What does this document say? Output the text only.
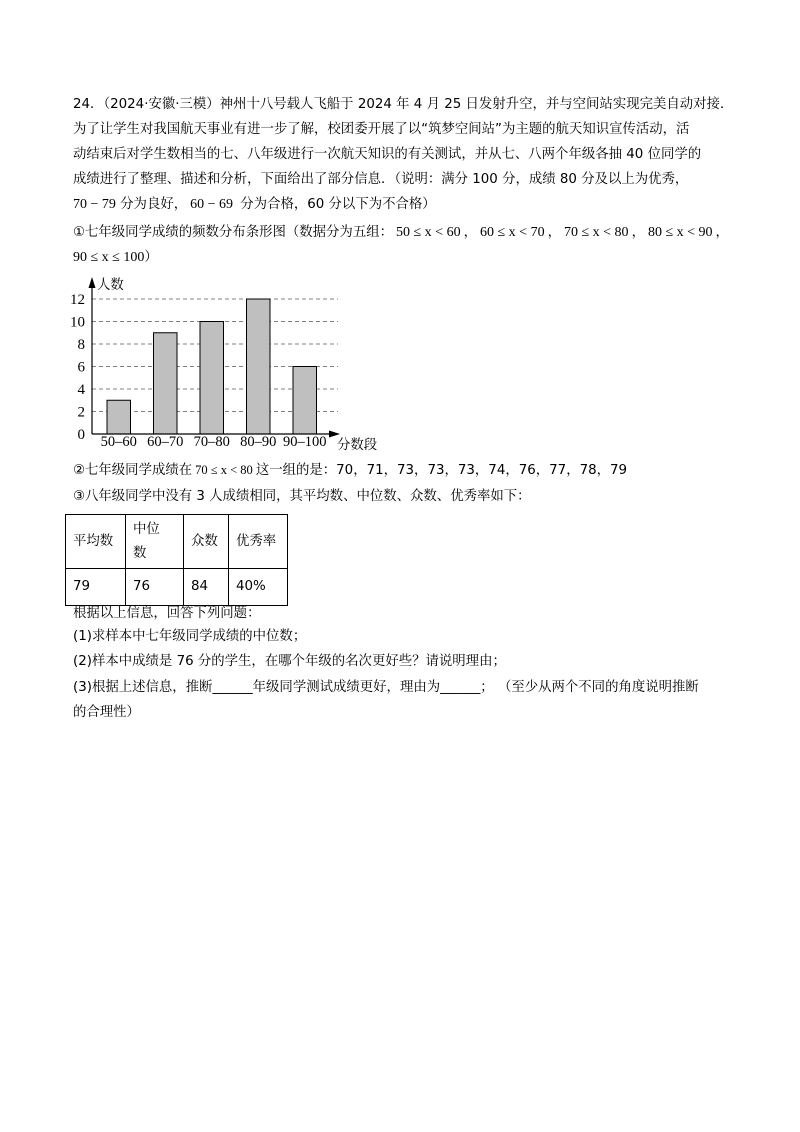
24．（2024·安徽·三模）神州十八号载人飞船于 2024 年 4 月 25 日发射升空，并与空间站实现完美自动对接．
为了让学生对我国航天事业有进一步了解，校团委开展了以“筑梦空间站”为主题的航天知识宣传活动，活
动结束后对学生数相当的七、八年级进行一次航天知识的有关测试，并从七、八两个年级各抽 40 位同学的
成绩进行了整理、描述和分析，下面给出了部分信息．（说明：满分 100 分，成绩 80 分及以上为优秀，
70 − 79 分为良好， 60 − 69 分为合格，60 分以下为不合格）
①七年级同学成绩的频数分布条形图（数据分为五组： 50 ≤ x < 60 ， 60 ≤ x < 70 ， 70 ≤ x < 80 ， 80 ≤ x < 90 ，
90 ≤ x ≤ 100）
0
2
4
6
8
10
12
50–60 60–70 70–80 80–90 90–100
人数
分数段
②七年级同学成绩在 70 ≤ x < 80 这一组的是：70，71，73，73，73，74，76，77，78，79
③八年级同学中没有 3 人成绩相同，其平均数、中位数、众数、优秀率如下：
平均数	中位数	众数	优秀率
79	76	84	40%
根据以上信息，回答下列问题：
(1)求样本中七年级同学成绩的中位数；
(2)样本中成绩是 76 分的学生，在哪个年级的名次更好些？请说明理由；
(3)根据上述信息，推断______年级同学测试成绩更好，理由为______； （至少从两个不同的角度说明推断
的合理性）
